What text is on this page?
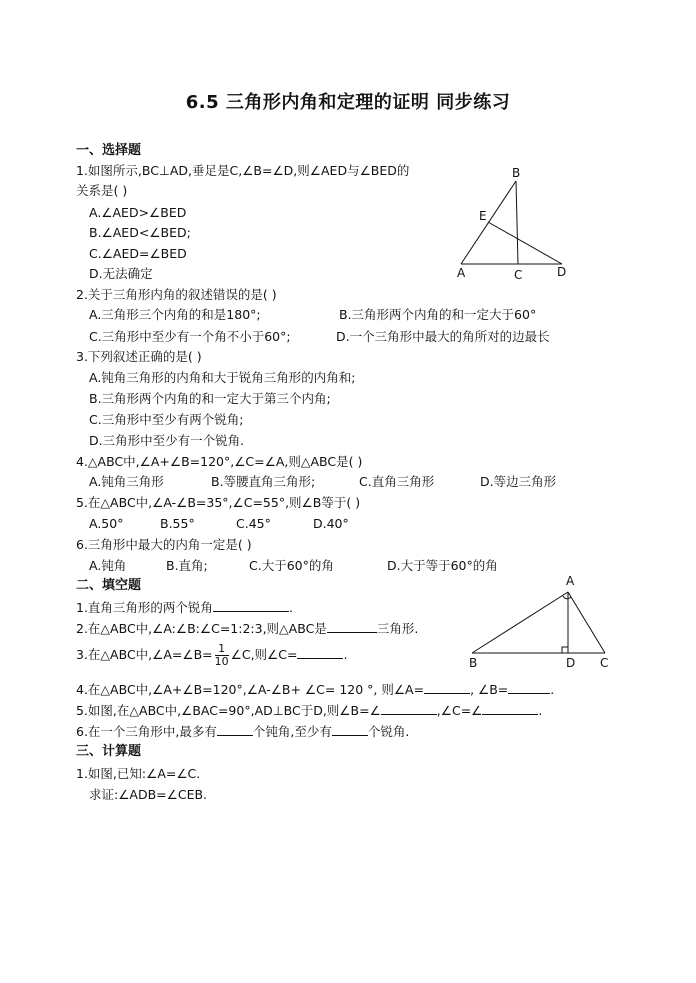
6.5 三角形内角和定理的证明 同步练习
一、选择题
1.如图所示,BC⊥AD,垂足是C,∠B=∠D,则∠AED与∠BED的
关系是( )
A.∠AED>∠BED
B.∠AED<∠BED;
C.∠AED=∠BED
D.无法确定
B
E
A	C	D
2.关于三角形内角的叙述错误的是( )
A.三角形三个内角的和是180°;	B.三角形两个内角的和一定大于60°
C.三角形中至少有一个角不小于60°;	D.一个三角形中最大的角所对的边最长
3.下列叙述正确的是( )
A.钝角三角形的内角和大于锐角三角形的内角和;
B.三角形两个内角的和一定大于第三个内角;
C.三角形中至少有两个锐角;
D.三角形中至少有一个锐角.
4.△ABC中,∠A+∠B=120°,∠C=∠A,则△ABC是( )
A.钝角三角形	B.等腰直角三角形;	C.直角三角形	D.等边三角形
5.在△ABC中,∠A-∠B=35°,∠C=55°,则∠B等于( )
A.50°	B.55°	C.45°	D.40°
6.三角形中最大的内角一定是( )
A.钝角	B.直角;	C.大于60°的角	D.大于等于60°的角
二、填空题
1.直角三角形的两个锐角	.
2.在△ABC中,∠A:∠B:∠C=1:2:3,则△ABC是	三角形.
3.在△ABC中,∠A=∠B= $\frac{1}{10}$ ∠C,则∠C=	.
4.在△ABC中,∠A+∠B=120°,∠A-∠B+ ∠C= 120 °, 则∠A=	, ∠B=	.
5.如图,在△ABC中,∠BAC=90°,AD⊥BC于D,则∠B=∠	,∠C=∠	.
6.在一个三角形中,最多有	个钝角,至少有	个锐角.
A
B	D C
三、计算题
1.如图,已知:∠A=∠C.
求证:∠ADB=∠CEB.
